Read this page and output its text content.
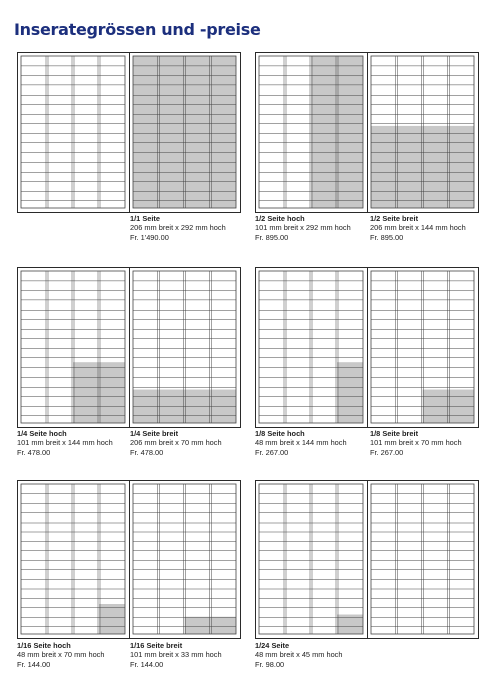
Inserategrössen und -preise
1/1 Seite
206 mm breit x 292 mm hoch
Fr. 1'490.00
1/2 Seite hoch
101 mm breit x 292 mm hoch
Fr. 895.00
1/2 Seite breit
206 mm breit x 144 mm hoch
Fr. 895.00
1/4 Seite hoch
101 mm breit x 144 mm hoch
Fr. 478.00
1/4 Seite breit
206 mm breit x 70 mm hoch
Fr. 478.00
1/8 Seite hoch
48 mm breit x 144 mm hoch
Fr. 267.00
1/8 Seite breit
101 mm breit x 70 mm hoch
Fr. 267.00
1/16 Seite hoch
48 mm breit x 70 mm hoch
Fr. 144.00
1/16 Seite breit
101 mm breit x 33 mm hoch
Fr. 144.00
1/24 Seite
48 mm breit x 45 mm hoch
Fr. 98.00
